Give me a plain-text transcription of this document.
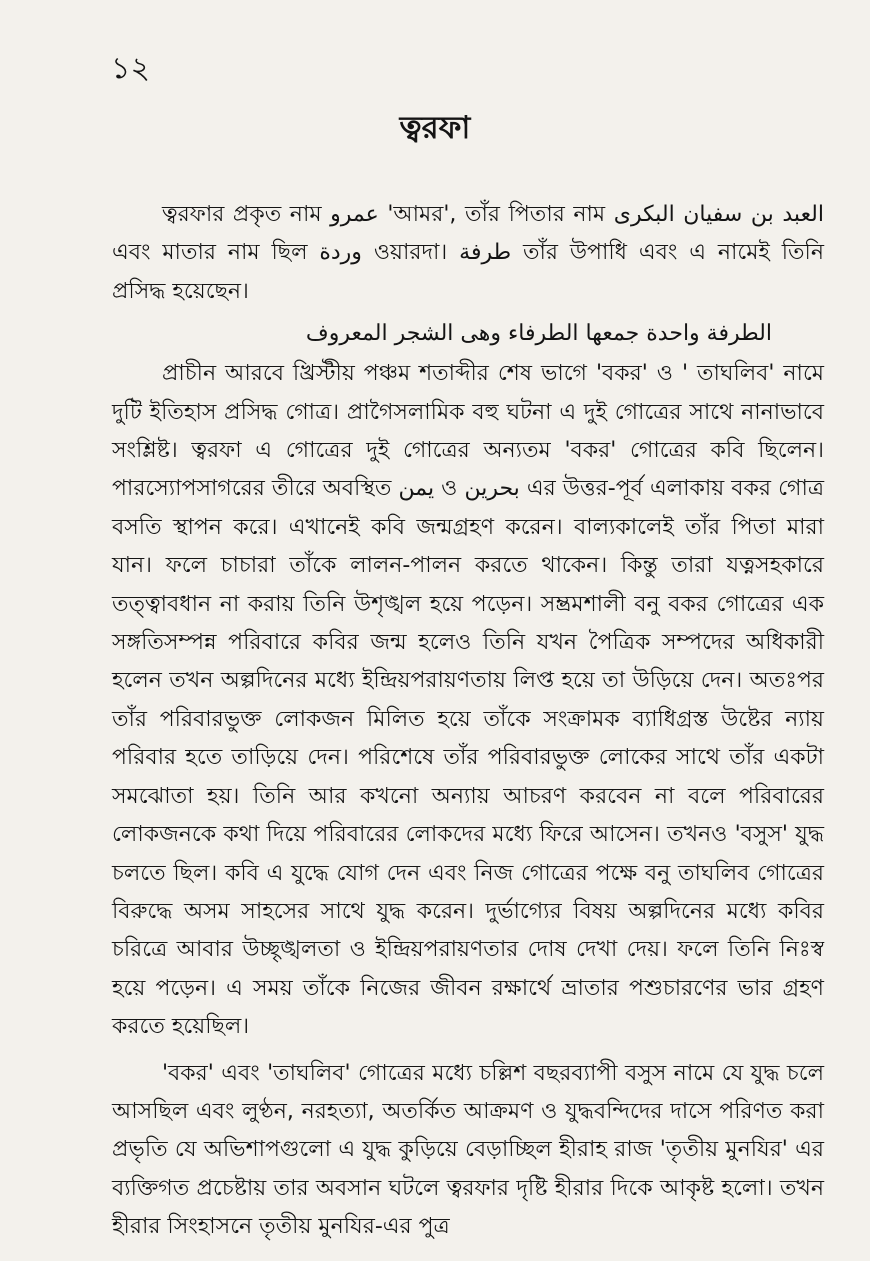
১২
ত্বরফা

ত্বরফার প্রকৃত নাম عمرو 'আমর', তাঁর পিতার নাম العبد بن سفيان البكرى এবং মাতার নাম ছিল وردة ওয়ারদা। طرفة তাঁর উপাধি এবং এ নামেই তিনি প্রসিদ্ধ হয়েছেন।

الطرفة واحدة جمعها الطرفاء وهى الشجر المعروف

প্রাচীন আরবে খ্রিস্টীয় পঞ্চম শতাব্দীর শেষ ভাগে 'বকর' ও ' তাঘলিব' নামে দুটি ইতিহাস প্রসিদ্ধ গোত্র। প্রাগৈসলামিক বহু ঘটনা এ দুই গোত্রের সাথে নানাভাবে সংশ্লিষ্ট। ত্বরফা এ গোত্রের দুই গোত্রের অন্যতম 'বকর' গোত্রের কবি ছিলেন। পারস্যোপসাগরের তীরে অবস্থিত يمن ও بحرين এর উত্তর-পূর্ব এলাকায় বকর গোত্র বসতি স্থাপন করে। এখানেই কবি জন্মগ্রহণ করেন। বাল্যকালেই তাঁর পিতা মারা যান। ফলে চাচারা তাঁকে লালন-পালন করতে থাকেন। কিন্তু তারা যত্নসহকারে তত্ত্বাবধান না করায় তিনি উশৃঙ্খল হয়ে পড়েন। সম্ভ্রমশালী বনু বকর গোত্রের এক সঙ্গতিসম্পন্ন পরিবারে কবির জন্ম হলেও তিনি যখন পৈত্রিক সম্পদের অধিকারী হলেন তখন অল্পদিনের মধ্যে ইন্দ্রিয়পরায়ণতায় লিপ্ত হয়ে তা উড়িয়ে দেন। অতঃপর তাঁর পরিবারভুক্ত লোকজন মিলিত হয়ে তাঁকে সংক্রামক ব্যাধিগ্রস্ত উষ্টের ন্যায় পরিবার হতে তাড়িয়ে দেন। পরিশেষে তাঁর পরিবারভুক্ত লোকের সাথে তাঁর একটা সমঝোতা হয়। তিনি আর কখনো অন্যায় আচরণ করবেন না বলে পরিবারের লোকজনকে কথা দিয়ে পরিবারের লোকদের মধ্যে ফিরে আসেন। তখনও 'বসুস' যুদ্ধ চলতে ছিল। কবি এ যুদ্ধে যোগ দেন এবং নিজ গোত্রের পক্ষে বনু তাঘলিব গোত্রের বিরুদ্ধে অসম সাহসের সাথে যুদ্ধ করেন। দুর্ভাগ্যের বিষয় অল্পদিনের মধ্যে কবির চরিত্রে আবার উচ্ছৃঙ্খলতা ও ইন্দ্রিয়পরায়ণতার দোষ দেখা দেয়। ফলে তিনি নিঃস্ব হয়ে পড়েন। এ সময় তাঁকে নিজের জীবন রক্ষার্থে ভ্রাতার পশুচারণের ভার গ্রহণ করতে হয়েছিল।

'বকর' এবং 'তাঘলিব' গোত্রের মধ্যে চল্লিশ বছরব্যাপী বসুস নামে যে যুদ্ধ চলে আসছিল এবং লুণ্ঠন, নরহত্যা, অতর্কিত আক্রমণ ও যুদ্ধবন্দিদের দাসে পরিণত করা প্রভৃতি যে অভিশাপগুলো এ যুদ্ধ কুড়িয়ে বেড়াচ্ছিল হীরাহ রাজ 'তৃতীয় মুনযির' এর ব্যক্তিগত প্রচেষ্টায় তার অবসান ঘটলে ত্বরফার দৃষ্টি হীরার দিকে আকৃষ্ট হলো। তখন হীরার সিংহাসনে তৃতীয় মুনযির-এর পুত্র
